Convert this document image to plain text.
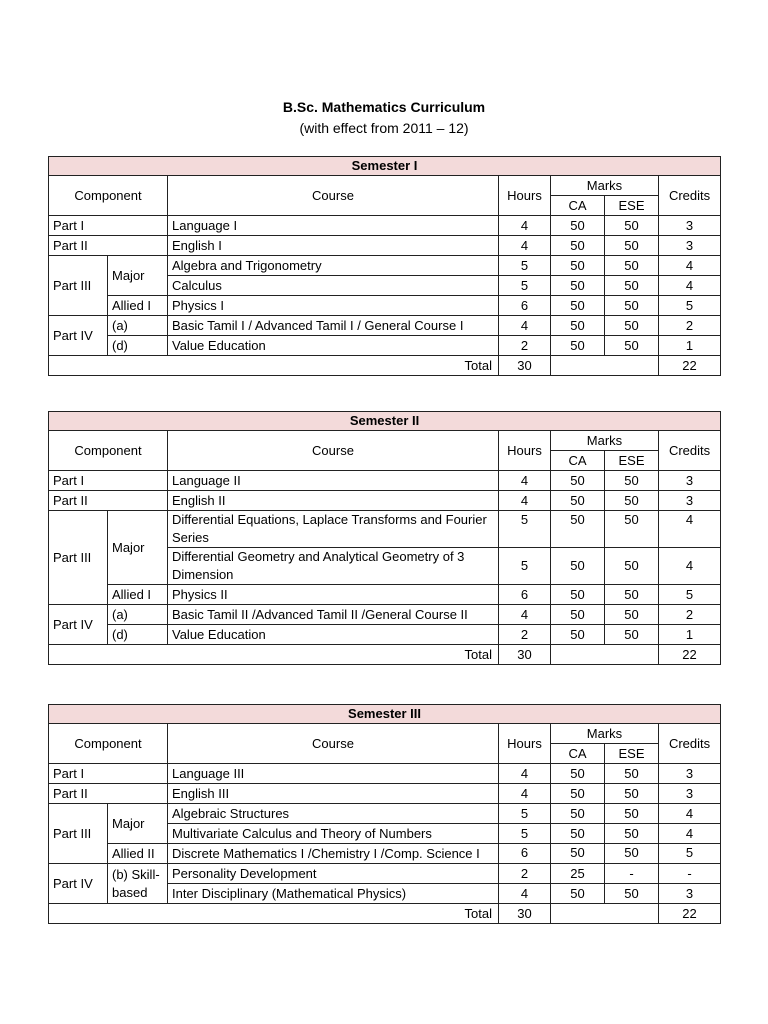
B.Sc. Mathematics Curriculum
(with effect from 2011 – 12)
Semester I						
Component		Course	Hours	Marks		Credits
				CA	ESE	
Part I		Language I	4	50	50	3
Part II		English I	4	50	50	3
Part III	Major	Algebra and Trigonometry	5	50	50	4
		Calculus	5	50	50	4
	Allied I	Physics I	6	50	50	5
Part IV	(a)	Basic Tamil I / Advanced Tamil I / General Course I	4	50	50	2
	(d)	Value Education	2	50	50	1
Total			30			22
Semester II						
Component		Course	Hours	Marks		Credits
				CA	ESE	
Part I		Language II	4	50	50	3
Part II		English II	4	50	50	3
Part III	Major	Differential Equations, Laplace Transforms and Fourier Series	5	50	50	4
		Differential Geometry and Analytical Geometry of 3 Dimension	5	50	50	4
	Allied I	Physics II	6	50	50	5
Part IV	(a)	Basic Tamil II /Advanced Tamil II /General Course II	4	50	50	2
	(d)	Value Education	2	50	50	1
Total			30			22
Semester III						
Component		Course	Hours	Marks		Credits
				CA	ESE	
Part I		Language III	4	50	50	3
Part II		English III	4	50	50	3
Part III	Major	Algebraic Structures	5	50	50	4
		Multivariate Calculus and Theory of Numbers	5	50	50	4
	Allied II	Discrete Mathematics I /Chemistry I /Comp. Science I	6	50	50	5
Part IV	(b) Skill-based	Personality Development	2	25	-	-
		Inter Disciplinary (Mathematical Physics)	4	50	50	3
Total			30			22
